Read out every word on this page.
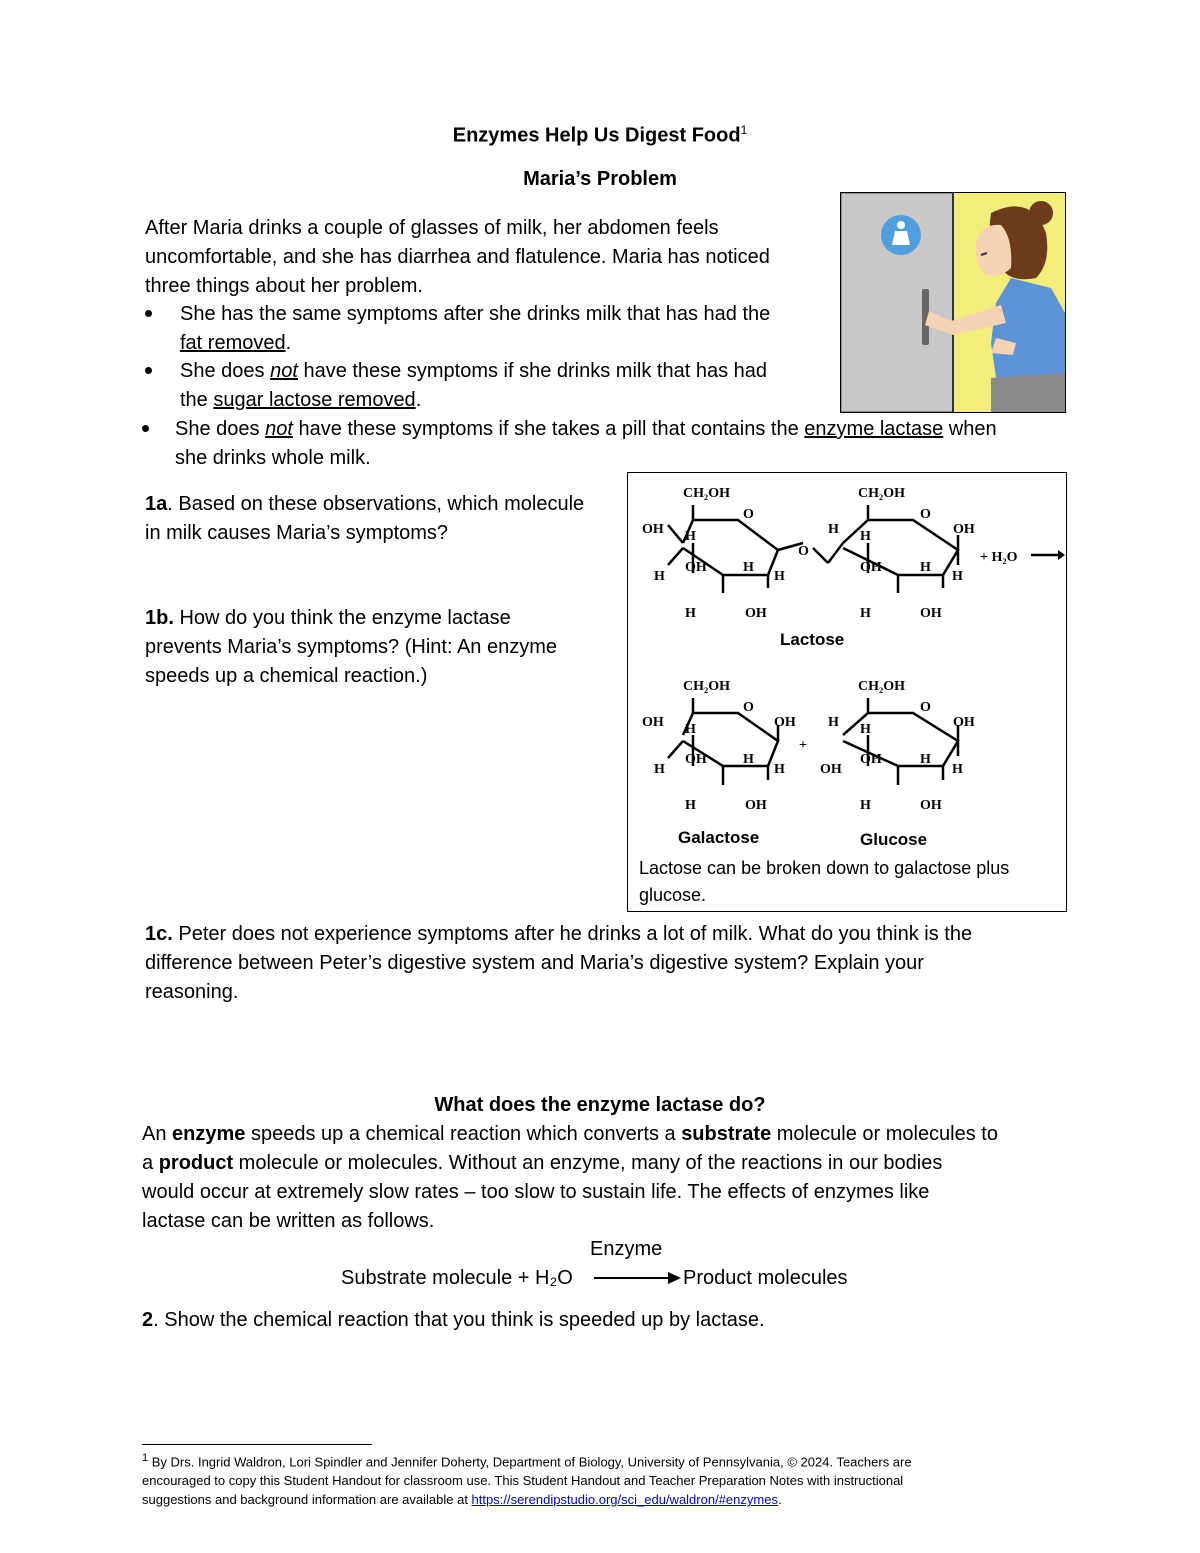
Enzymes Help Us Digest Food$^1$
Maria’s Problem
After Maria drinks a couple of glasses of milk, her abdomen feels
uncomfortable, and she has diarrhea and flatulence. Maria has noticed
three things about her problem.
She has the same symptoms after she drinks milk that has had the
fat removed.
She does not have these symptoms if she drinks milk that has had
the sugar lactose removed.
She does not have these symptoms if she takes a pill that contains the enzyme lactase when
she drinks whole milk.
1a. Based on these observations, which molecule
in milk causes Maria’s symptoms?
1b. How do you think the enzyme lactase
prevents Maria’s symptoms? (Hint: An enzyme
speeds up a chemical reaction.)
CH₂OH
O
OH H
H
OH	H
H
H	OH
O
CH₂OH
O
H H	OH
OH	H
H
H	OH
+ H₂O
CH₂OH
O
OH H	OH
H
OH	H
H
H	OH
+
CH₂OH
O
H H	OH
OH
OH	H
H
H	OH
Lactose
Galactose	Glucose
Lactose can be broken down to galactose plus
glucose.
1c. Peter does not experience symptoms after he drinks a lot of milk. What do you think is the
difference between Peter’s digestive system and Maria’s digestive system? Explain your
reasoning.
What does the enzyme lactase do?
An enzyme speeds up a chemical reaction which converts a substrate molecule or molecules to
a product molecule or molecules. Without an enzyme, many of the reactions in our bodies
would occur at extremely slow rates – too slow to sustain life. The effects of enzymes like
lactase can be written as follows.
Enzyme
Substrate molecule + H₂O	Product molecules
2. Show the chemical reaction that you think is speeded up by lactase.
$^1$ By Drs. Ingrid Waldron, Lori Spindler and Jennifer Doherty, Department of Biology, University of Pennsylvania, © 2024. Teachers are
encouraged to copy this Student Handout for classroom use. This Student Handout and Teacher Preparation Notes with instructional
suggestions and background information are available at https://serendipstudio.org/sci_edu/waldron/#enzymes.
